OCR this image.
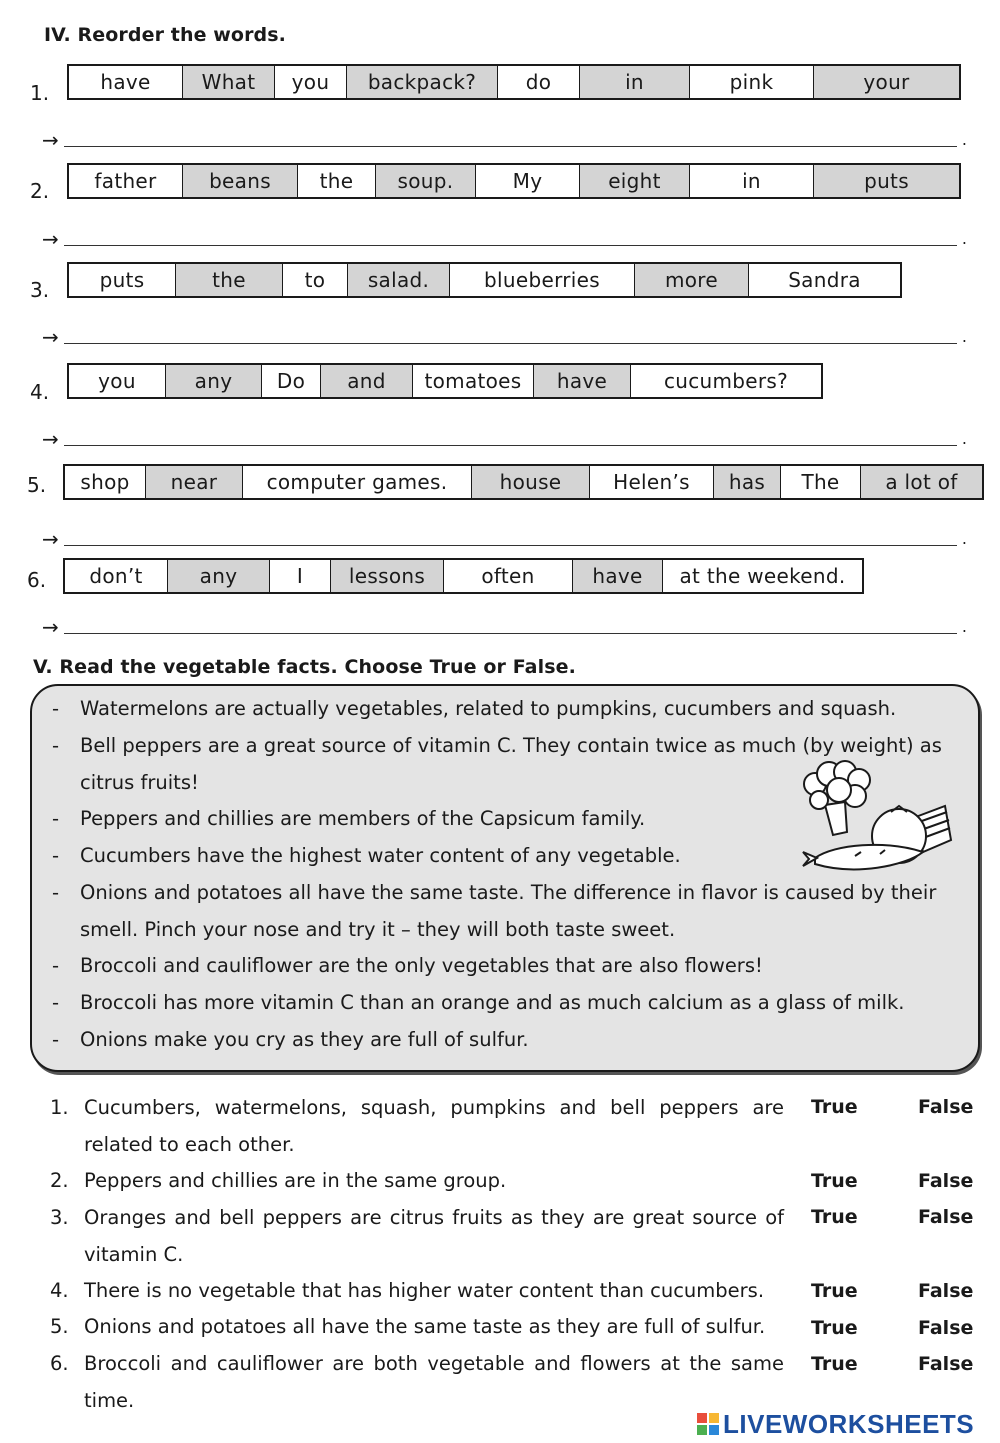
IV. Reorder the words.
1.	have	What	you	backpack?	do	in	pink	your
→	.
2.	father	beans	the	soup.	My	eight	in	puts
→	.
3.	puts	the	to	salad.	blueberries	more	Sandra
→	.
4.	you	any	Do	and	tomatoes	have	cucumbers?
→	.
5.	shop	near	computer games.	house	Helen’s	has	The	a lot of
→	.
6.	don’t	any	I	lessons	often	have	at the weekend.
→	.
V. Read the vegetable facts. Choose True or False.
- Watermelons are actually vegetables, related to pumpkins, cucumbers and squash.
- Bell peppers are a great source of vitamin C. They contain twice as much (by weight) as citrus fruits!
- Peppers and chillies are members of the Capsicum family.
- Cucumbers have the highest water content of any vegetable.
- Onions and potatoes all have the same taste. The difference in flavor is caused by their smell. Pinch your nose and try it – they will both taste sweet.
- Broccoli and cauliflower are the only vegetables that are also flowers!
- Broccoli has more vitamin C than an orange and as much calcium as a glass of milk.
- Onions make you cry as they are full of sulfur.
1. Cucumbers, watermelons, squash, pumpkins and bell peppers are related to each other.
True	False
2. Peppers and chillies are in the same group.	True	False
3. Oranges and bell peppers are citrus fruits as they are great source of vitamin C.
True	False
4. There is no vegetable that has higher water content than cucumbers.	True	False
5. Onions and potatoes all have the same taste as they are full of sulfur.	True	False
6. Broccoli and cauliflower are both vegetable and flowers at the same time.
True	False
LIVEWORKSHEETS
